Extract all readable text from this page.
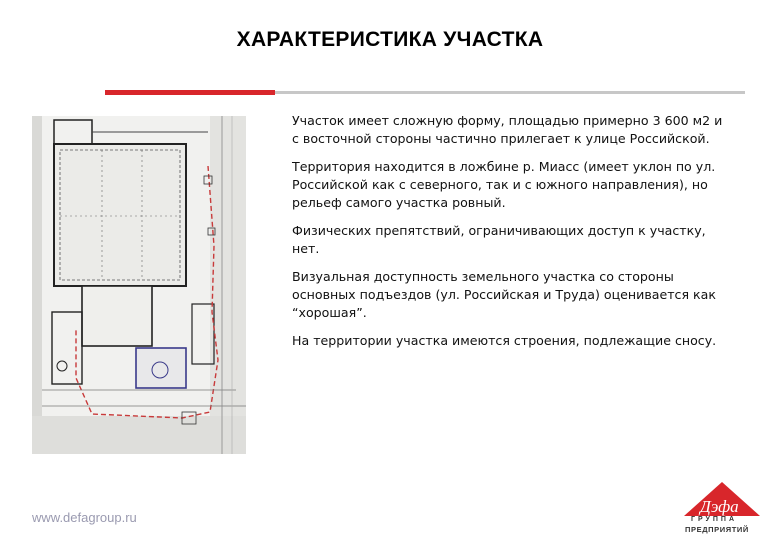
ХАРАКТЕРИСТИКА УЧАСТКА

Участок имеет сложную форму, площадью примерно 3 600 м2 и с восточной стороны частично прилегает к улице Российской.

Территория находится в ложбине р. Миасс (имеет уклон по ул. Российской как с северного, так и с южного направления), но рельеф самого участка ровный.

Физических препятствий, ограничивающих доступ к участку, нет.

Визуальная доступность земельного участка со стороны основных подъездов (ул. Российская и Труда) оценивается как “хорошая”.

На территории участка имеются строения, подлежащие сносу.

www.defagroup.ru
Дэфа
ГРУППА
ПРЕДПРИЯТИЙ
